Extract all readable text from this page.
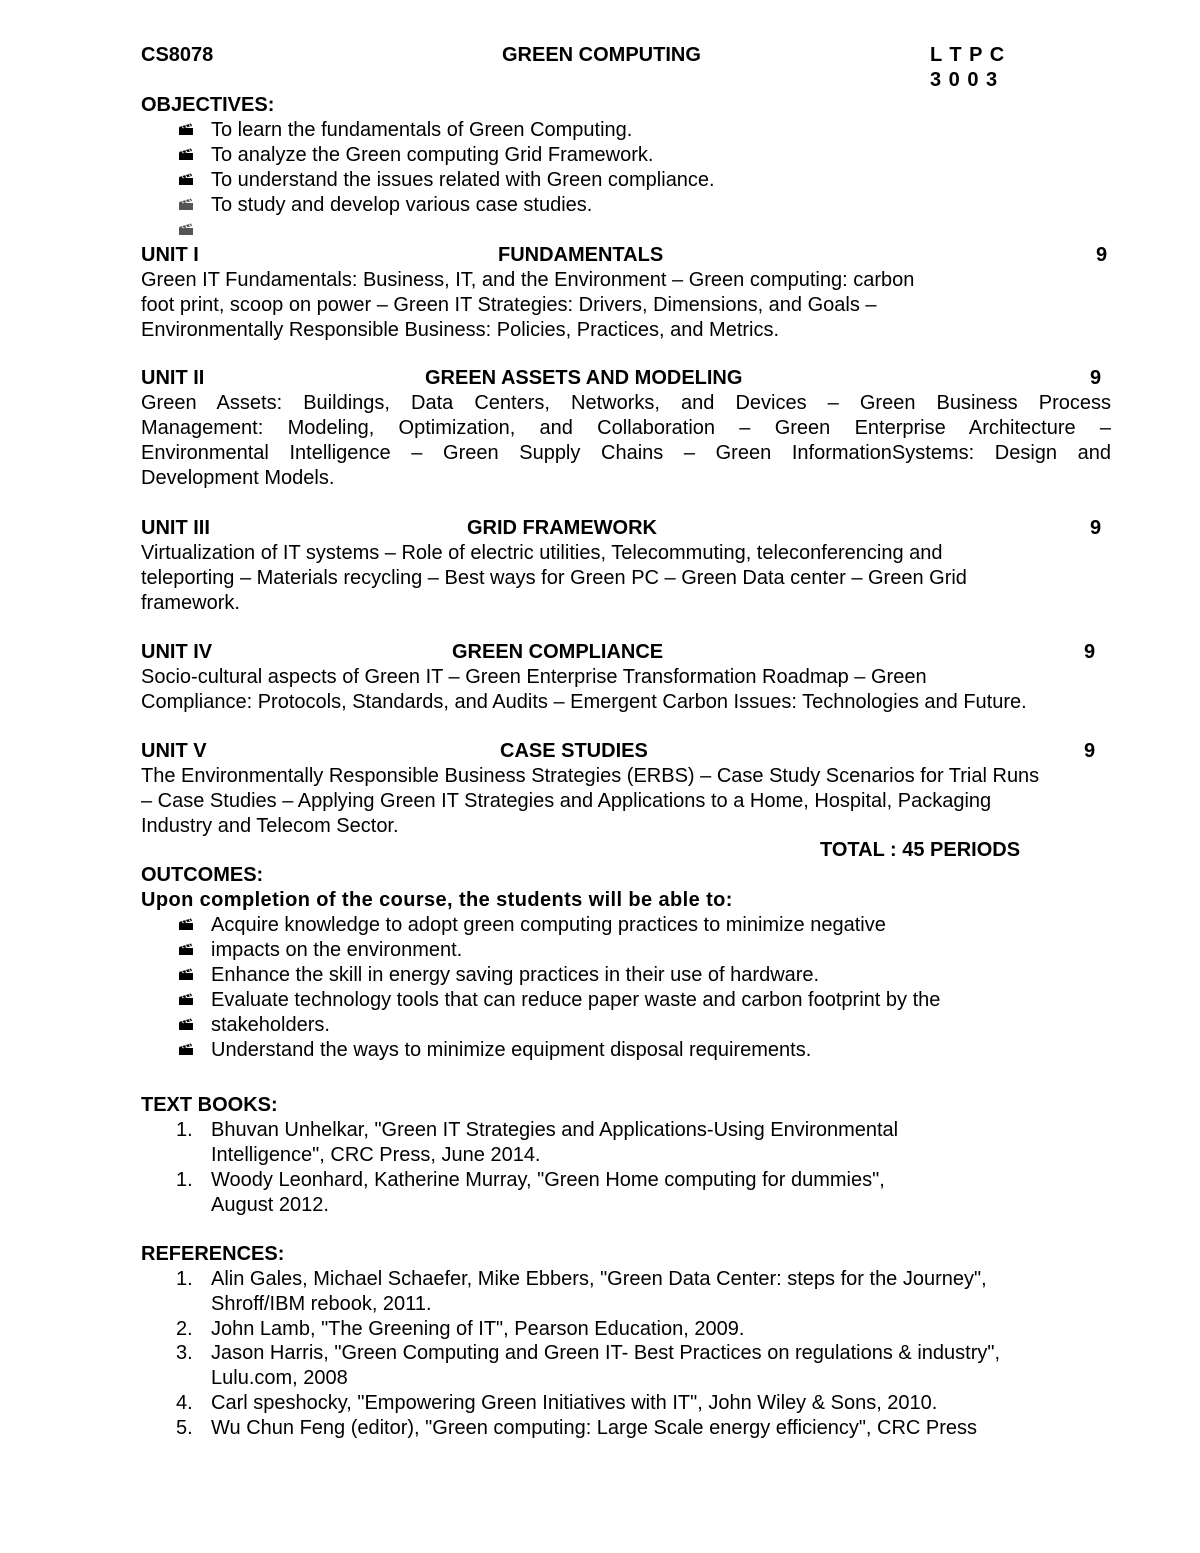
CS8078	GREEN COMPUTING	L T P C
3 0 0 3
OBJECTIVES:
To learn the fundamentals of Green Computing.
To analyze the Green computing Grid Framework.
To understand the issues related with Green compliance.
To study and develop various case studies.
UNIT I	FUNDAMENTALS	9
Green IT Fundamentals: Business, IT, and the Environment – Green computing: carbon
foot print, scoop on power – Green IT Strategies: Drivers, Dimensions, and Goals –
Environmentally Responsible Business: Policies, Practices, and Metrics.
UNIT II	GREEN ASSETS AND MODELING	9
Green Assets: Buildings, Data Centers, Networks, and Devices – Green Business Process
Management: Modeling, Optimization, and Collaboration – Green Enterprise Architecture –
Environmental Intelligence – Green Supply Chains – Green InformationSystems: Design and
Development Models.
UNIT III	GRID FRAMEWORK	9
Virtualization of IT systems – Role of electric utilities, Telecommuting, teleconferencing and
teleporting – Materials recycling – Best ways for Green PC – Green Data center – Green Grid
framework.
UNIT IV	GREEN COMPLIANCE	9
Socio-cultural aspects of Green IT – Green Enterprise Transformation Roadmap – Green
Compliance: Protocols, Standards, and Audits – Emergent Carbon Issues: Technologies and Future.
UNIT V	CASE STUDIES	9
The Environmentally Responsible Business Strategies (ERBS) – Case Study Scenarios for Trial Runs
– Case Studies – Applying Green IT Strategies and Applications to a Home, Hospital, Packaging
Industry and Telecom Sector.
TOTAL : 45 PERIODS
OUTCOMES:
Upon completion of the course, the students will be able to:
Acquire knowledge to adopt green computing practices to minimize negative
impacts on the environment.
Enhance the skill in energy saving practices in their use of hardware.
Evaluate technology tools that can reduce paper waste and carbon footprint by the
stakeholders.
Understand the ways to minimize equipment disposal requirements.
TEXT BOOKS:
1. Bhuvan Unhelkar, "Green IT Strategies and Applications-Using Environmental
Intelligence", CRC Press, June 2014.
1. Woody Leonhard, Katherine Murray, "Green Home computing for dummies",
August 2012.
REFERENCES:
1. Alin Gales, Michael Schaefer, Mike Ebbers, "Green Data Center: steps for the Journey",
Shroff/IBM rebook, 2011.
2. John Lamb, "The Greening of IT", Pearson Education, 2009.
3. Jason Harris, "Green Computing and Green IT- Best Practices on regulations & industry",
Lulu.com, 2008
4. Carl speshocky, "Empowering Green Initiatives with IT", John Wiley & Sons, 2010.
5. Wu Chun Feng (editor), "Green computing: Large Scale energy efficiency", CRC Press
